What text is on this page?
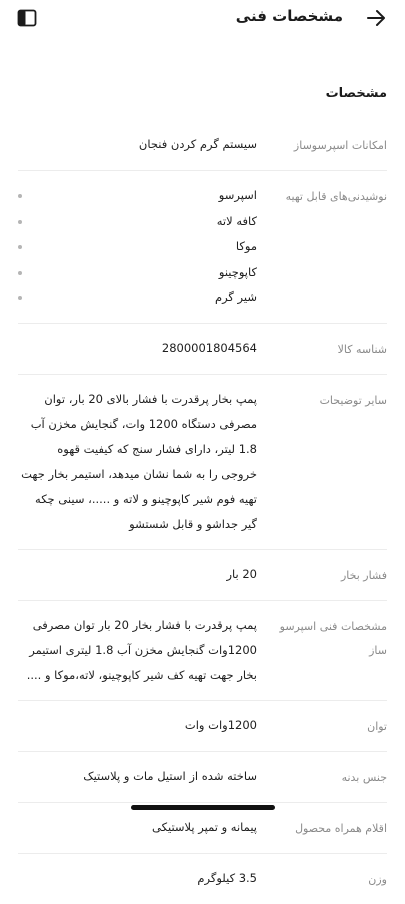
مشخصات فنی
مشخصات
امکانات اسپرسوساز
سیستم گرم کردن فنجان
نوشیدنی‌های قابل تهیه
اسپرسو
کافه لاته
موکا
کاپوچینو
شیر گرم
شناسه کالا
2800001804564
سایر توضیحات
پمپ بخار پرقدرت با فشار بالای 20 بار، توان مصرفی دستگاه 1200 وات، گنجایش مخزن آب 1.8 لیتر، دارای فشار سنج که کیفیت قهوه خروجی را به شما نشان میدهد، استیمر بخار جهت تهیه فوم شیر کاپوچینو و لاته و .....، سینی چکه گیر جداشو و قابل شستشو
فشار بخار
20 بار
مشخصات فنی اسپرسو ساز
پمپ پرقدرت با فشار بخار 20 بار توان مصرفی 1200وات گنجایش مخزن آب 1.8 لیتری استیمر بخار جهت تهیه کف شیر کاپوچینو، لاته،موکا و ....
توان
1200وات وات
جنس بدنه
ساخته شده از استیل مات و پلاستیک
اقلام همراه محصول
پیمانه و تمپر پلاستیکی
وزن
3.5 کیلوگرم
